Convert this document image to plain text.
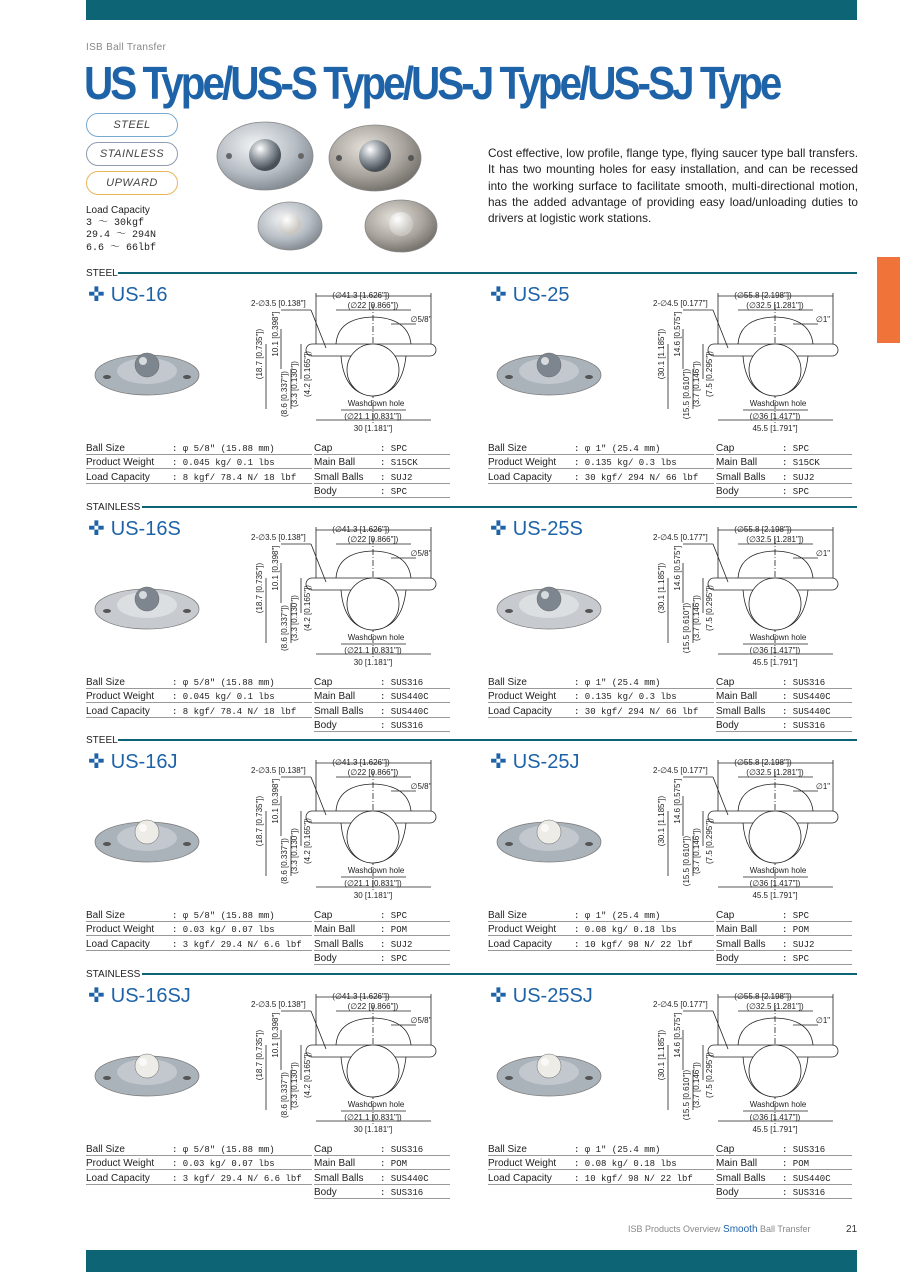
ISB Ball Transfer
US Type/US-S Type/US-J Type/US-SJ Type
STEEL
STAINLESS
UPWARD
Load Capacity
3 ～ 30kgf
29.4 ～ 294N
6.6 ～ 66lbf
Cost effective, low profile, flange type, flying saucer type ball transfers. It has two mounting holes for easy installation, and can be recessed into the working surface to facilitate smooth, multi-directional motion, has the added advantage of providing easy load/unloading duties to drivers at logistic work stations.
STEEL
STAINLESS
STEEL
STAINLESS
✜ US-16	(∅41.3 [1.626"])
(∅22 [0.866"])
∅5/8"
2-∅3.5 [0.138"]
(18.7 [0.735"]) 10.1 [0.398"]
(8.6 [0.337"]) (3.3 [0.130"]) (4.2 [0.165"])
Washdown hole
(∅21.1 [0.831"])
30 [1.181"]
Ball Size	: φ 5/8" (15.88 mm)		Cap	: SPC
Product Weight	: 0.045 kg/ 0.1 lbs		Main Ball	: S15CK
Load Capacity	: 8 kgf/ 78.4 N/ 18 lbf		Small Balls	: SUJ2
			Body	: SPC
✜ US-25	(∅55.8 [2.198"])
(∅32.5 [1.281"])
∅1"
2-∅4.5 [0.177"]
(30.1 [1.185"]) 14.6 [0.575"]
(15.5 [0.610"]) (3.7 [0.146"]) (7.5 [0.295"])
Washdown hole
(∅36 [1.417"])
45.5 [1.791"]
Ball Size	: φ 1" (25.4 mm)		Cap	: SPC
Product Weight	: 0.135 kg/ 0.3 lbs		Main Ball	: S15CK
Load Capacity	: 30 kgf/ 294 N/ 66 lbf		Small Balls	: SUJ2
			Body	: SPC
✜ US-16S	(∅41.3 [1.626"])
(∅22 [0.866"])
∅5/8"
2-∅3.5 [0.138"]
(18.7 [0.735"]) 10.1 [0.398"]
(8.6 [0.337"]) (3.3 [0.130"]) (4.2 [0.165"])
Washdown hole
(∅21.1 [0.831"])
30 [1.181"]
Ball Size	: φ 5/8" (15.88 mm)		Cap	: SUS316
Product Weight	: 0.045 kg/ 0.1 lbs		Main Ball	: SUS440C
Load Capacity	: 8 kgf/ 78.4 N/ 18 lbf		Small Balls	: SUS440C
			Body	: SUS316
✜ US-25S	(∅55.8 [2.198"])
(∅32.5 [1.281"])
∅1"
2-∅4.5 [0.177"]
(30.1 [1.185"]) 14.6 [0.575"]
(15.5 [0.610"]) (3.7 [0.146"]) (7.5 [0.295"])
Washdown hole
(∅36 [1.417"])
45.5 [1.791"]
Ball Size	: φ 1" (25.4 mm)		Cap	: SUS316
Product Weight	: 0.135 kg/ 0.3 lbs		Main Ball	: SUS440C
Load Capacity	: 30 kgf/ 294 N/ 66 lbf		Small Balls	: SUS440C
			Body	: SUS316
✜ US-16J	(∅41.3 [1.626"])
(∅22 [0.866"])
∅5/8"
2-∅3.5 [0.138"]
(18.7 [0.735"]) 10.1 [0.398"]
(8.6 [0.337"]) (3.3 [0.130"]) (4.2 [0.165"])
Washdown hole
(∅21.1 [0.831"])
30 [1.181"]
Ball Size	: φ 5/8" (15.88 mm)		Cap	: SPC
Product Weight	: 0.03 kg/ 0.07 lbs		Main Ball	: POM
Load Capacity	: 3 kgf/ 29.4 N/ 6.6 lbf		Small Balls	: SUJ2
			Body	: SPC
✜ US-25J	(∅55.8 [2.198"])
(∅32.5 [1.281"])
∅1"
2-∅4.5 [0.177"]
(30.1 [1.185"]) 14.6 [0.575"]
(15.5 [0.610"]) (3.7 [0.146"]) (7.5 [0.295"])
Washdown hole
(∅36 [1.417"])
45.5 [1.791"]
Ball Size	: φ 1" (25.4 mm)		Cap	: SPC
Product Weight	: 0.08 kg/ 0.18 lbs		Main Ball	: POM
Load Capacity	: 10 kgf/ 98 N/ 22 lbf		Small Balls	: SUJ2
			Body	: SPC
✜ US-16SJ	(∅41.3 [1.626"])
(∅22 [0.866"])
∅5/8"
2-∅3.5 [0.138"]
(18.7 [0.735"]) 10.1 [0.398"]
(8.6 [0.337"]) (3.3 [0.130"]) (4.2 [0.165"])
Washdown hole
(∅21.1 [0.831"])
30 [1.181"]
Ball Size	: φ 5/8" (15.88 mm)		Cap	: SUS316
Product Weight	: 0.03 kg/ 0.07 lbs		Main Ball	: POM
Load Capacity	: 3 kgf/ 29.4 N/ 6.6 lbf		Small Balls	: SUS440C
			Body	: SUS316
✜ US-25SJ	(∅55.8 [2.198"])
(∅32.5 [1.281"])
∅1"
2-∅4.5 [0.177"]
(30.1 [1.185"]) 14.6 [0.575"]
(15.5 [0.610"]) (3.7 [0.146"]) (7.5 [0.295"])
Washdown hole
(∅36 [1.417"])
45.5 [1.791"]
Ball Size	: φ 1" (25.4 mm)		Cap	: SUS316
Product Weight	: 0.08 kg/ 0.18 lbs		Main Ball	: POM
Load Capacity	: 10 kgf/ 98 N/ 22 lbf		Small Balls	: SUS440C
			Body	: SUS316
ISB Products Overview Smooth Ball Transfer	21
